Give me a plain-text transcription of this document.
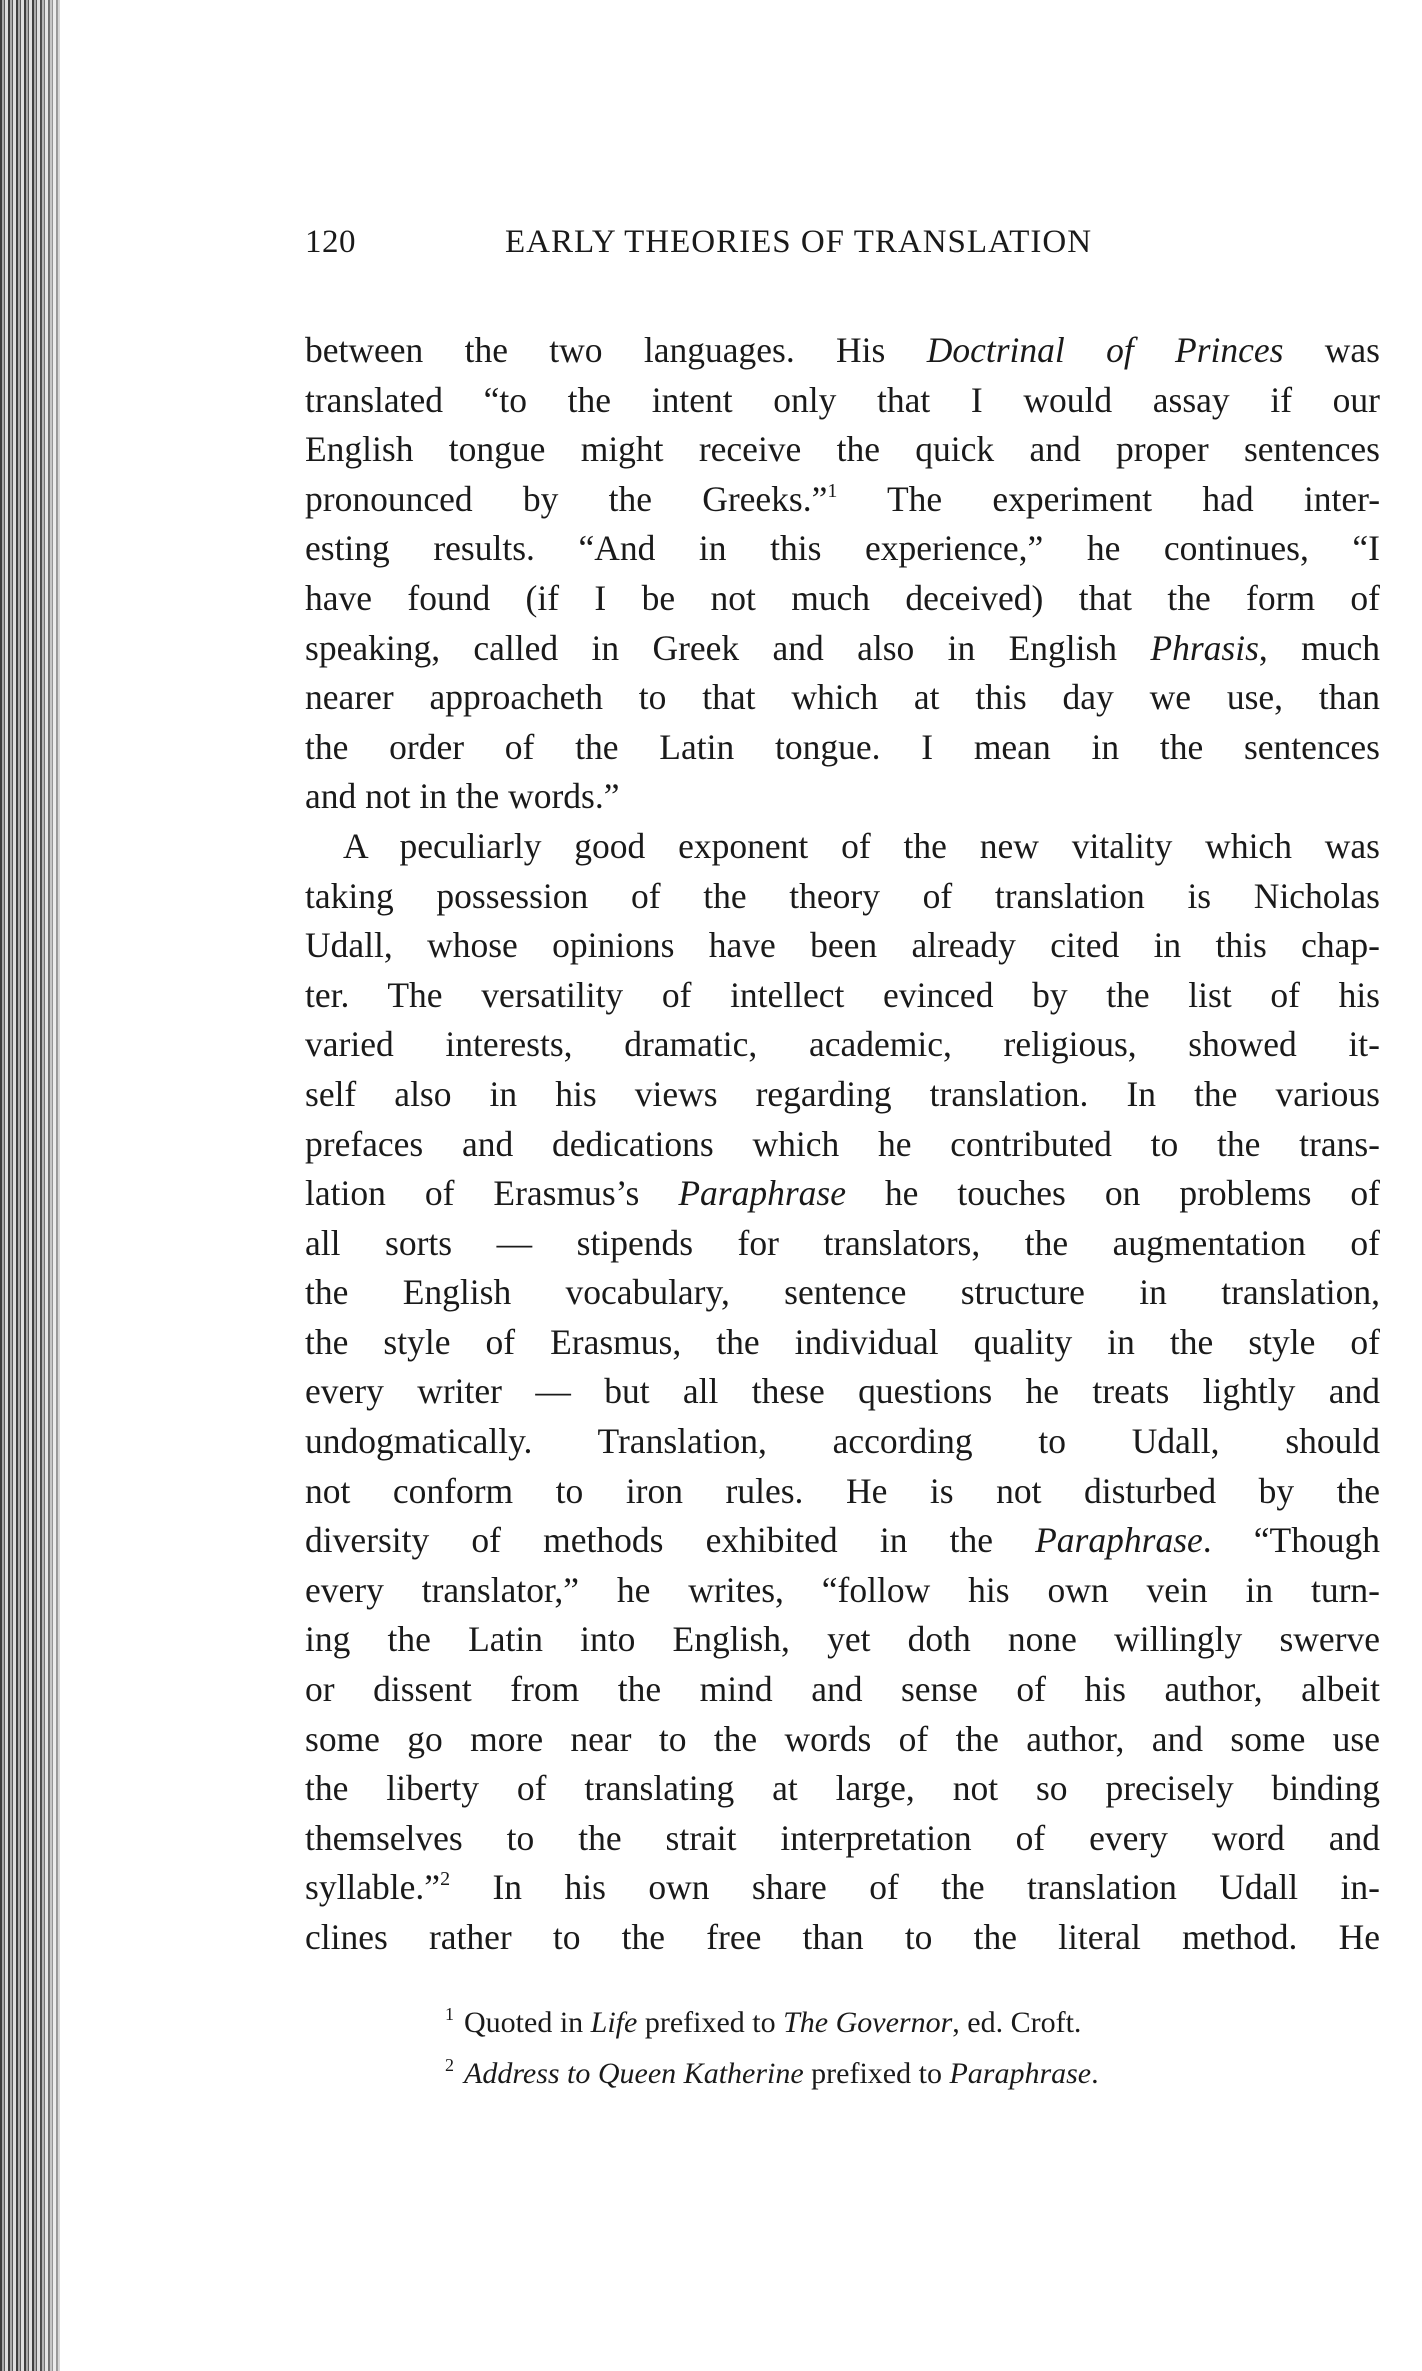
120	EARLY THEORIES OF TRANSLATION

between the two languages. His Doctrinal of Princes was
translated “to the intent only that I would assay if our
English tongue might receive the quick and proper sentences
pronounced by the Greeks.”$^1$ The experiment had inter-
esting results. “And in this experience,” he continues, “I
have found (if I be not much deceived) that the form of
speaking, called in Greek and also in English Phrasis, much
nearer approacheth to that which at this day we use, than
the order of the Latin tongue. I mean in the sentences
and not in the words.”

A peculiarly good exponent of the new vitality which was
taking possession of the theory of translation is Nicholas
Udall, whose opinions have been already cited in this chap-
ter. The versatility of intellect evinced by the list of his
varied interests, dramatic, academic, religious, showed it-
self also in his views regarding translation. In the various
prefaces and dedications which he contributed to the trans-
lation of Erasmus’s Paraphrase he touches on problems of
all sorts — stipends for translators, the augmentation of
the English vocabulary, sentence structure in translation,
the style of Erasmus, the individual quality in the style of
every writer — but all these questions he treats lightly and
undogmatically. Translation, according to Udall, should
not conform to iron rules. He is not disturbed by the
diversity of methods exhibited in the Paraphrase. “Though
every translator,” he writes, “follow his own vein in turn-
ing the Latin into English, yet doth none willingly swerve
or dissent from the mind and sense of his author, albeit
some go more near to the words of the author, and some use
the liberty of translating at large, not so precisely binding
themselves to the strait interpretation of every word and
syllable.”$^2$ In his own share of the translation Udall in-
clines rather to the free than to the literal method. He

$^1$ Quoted in Life prefixed to The Governor, ed. Croft.
$^2$ Address to Queen Katherine prefixed to Paraphrase.
